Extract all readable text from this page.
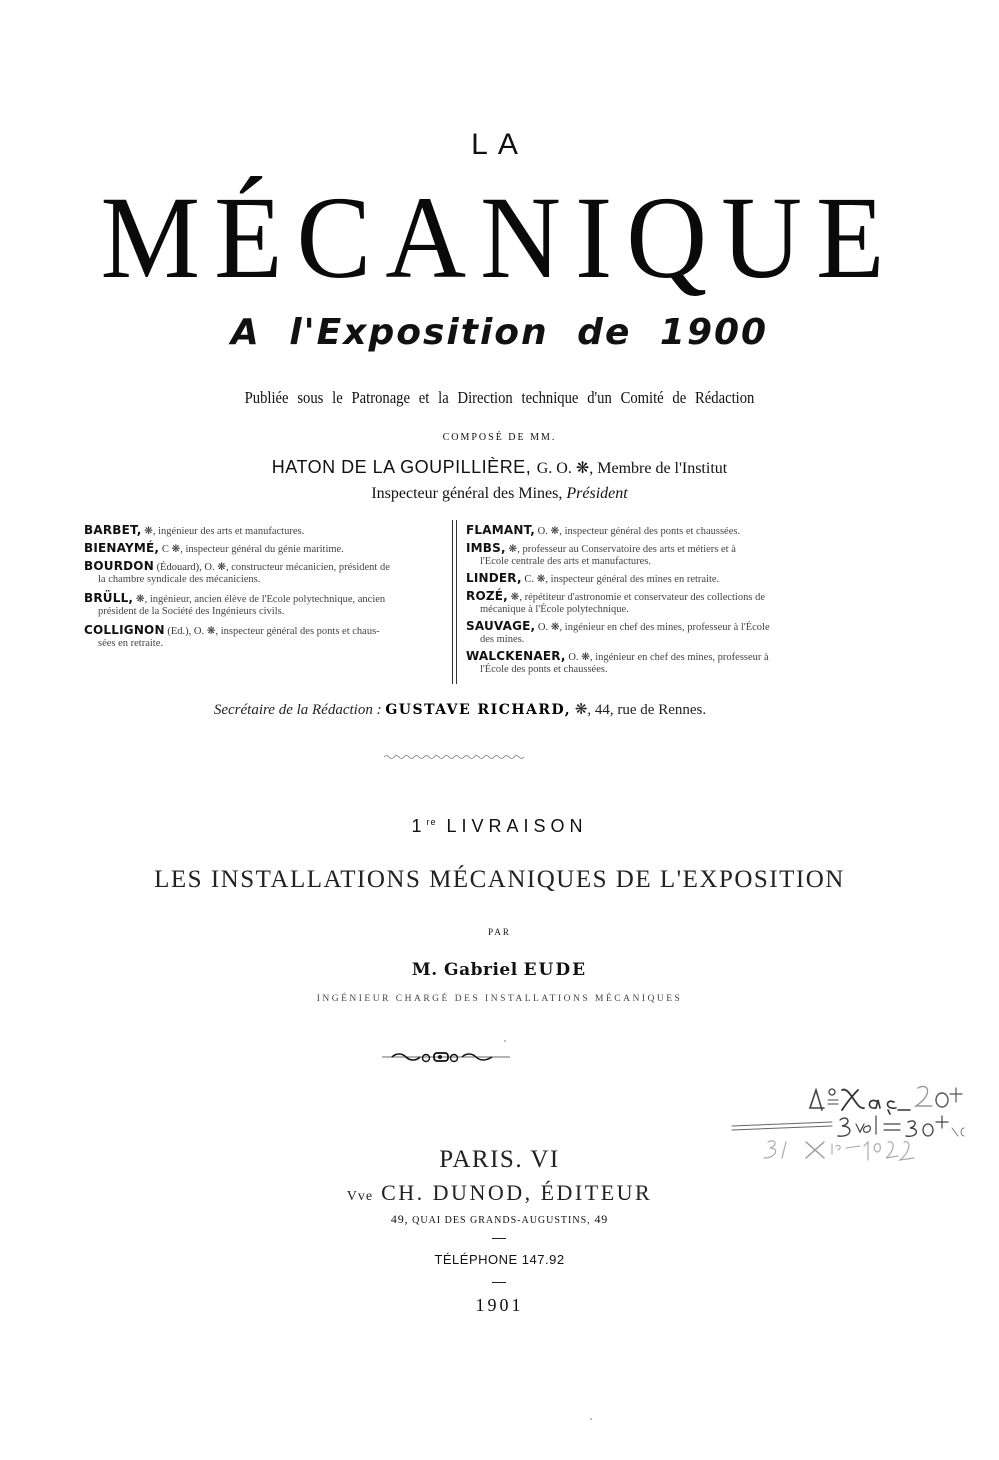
LA
MÉCANIQUE
A l'Exposition de 1900
Publiée sous le Patronage et la Direction technique d'un Comité de Rédaction
COMPOSÉ DE MM.
HATON DE LA GOUPILLIÈRE, G. O. ❋, Membre de l'Institut
Inspecteur général des Mines, Président
BARBET, ❋, ingénieur des arts et manufactures.
BIENAYMÉ, C ❋, inspecteur général du génie maritime.
BOURDON (Édouard), O. ❋, constructeur mécanicien, président de
la chambre syndicale des mécaniciens.
BRÜLL, ❋, ingénieur, ancien élève de l'Ecole polytechnique, ancien
président de la Société des Ingénieurs civils.
COLLIGNON (Ed.), O. ❋, inspecteur général des ponts et chaus-
sées en retraite.
FLAMANT, O. ❋, inspecteur général des ponts et chaussées.
IMBS, ❋, professeur au Conservatoire des arts et métiers et à
l'Ecole centrale des arts et manufactures.
LINDER, C. ❋, inspecteur général des mines en retraite.
ROZÉ, ❋, répétiteur d'astronomie et conservateur des collections de
mécanique à l'École polytechnique.
SAUVAGE, O. ❋, ingénieur en chef des mines, professeur à l'École
des mines.
WALCKENAER, O. ❋, ingénieur en chef des mines, professeur à
l'École des ponts et chaussées.
Secrétaire de la Rédaction : GUSTAVE RICHARD, ❋, 44, rue de Rennes.
1re LIVRAISON
LES INSTALLATIONS MÉCANIQUES DE L'EXPOSITION
PAR
M. Gabriel EUDE
INGÉNIEUR CHARGÉ DES INSTALLATIONS MÉCANIQUES
PARIS. VI
Vve CH. DUNOD, ÉDITEUR
49, QUAI DES GRANDS-AUGUSTINS, 49
TÉLÉPHONE 147.92
1901
